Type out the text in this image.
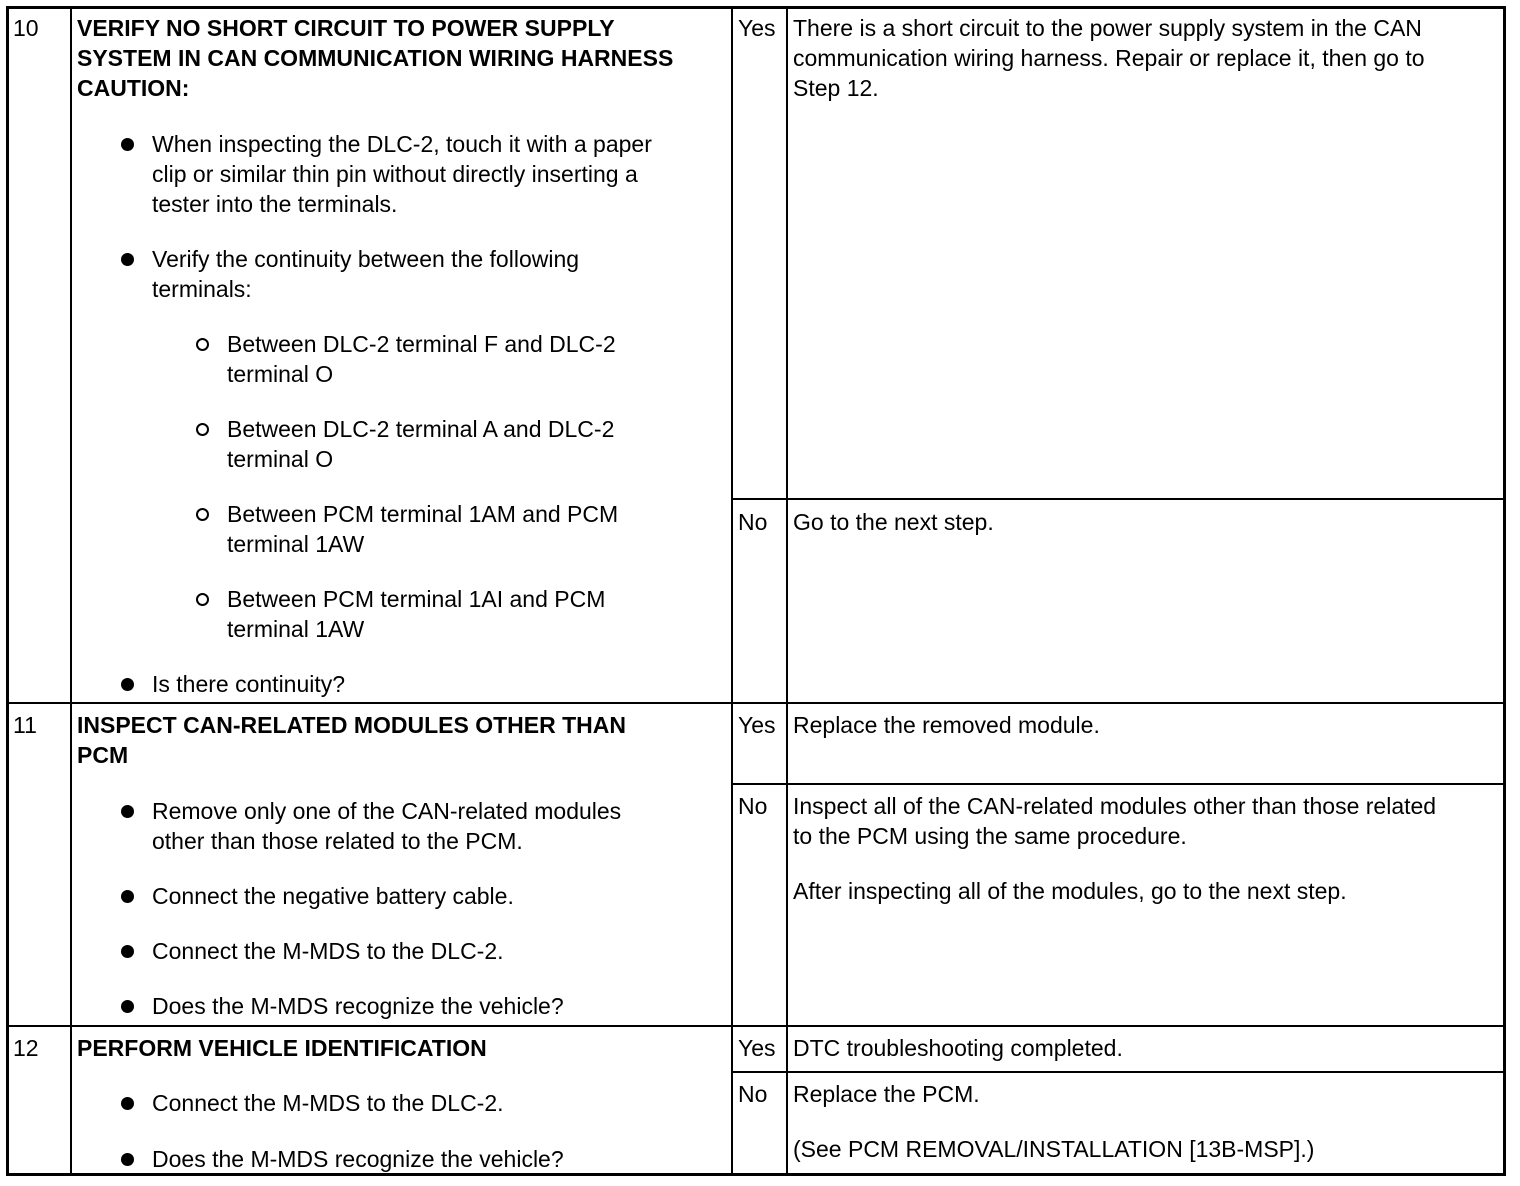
10 VERIFY NO SHORT CIRCUIT TO POWER SUPPLY
SYSTEM IN CAN COMMUNICATION WIRING HARNESS
CAUTION:
When inspecting the DLC-2, touch it with a paper
clip or similar thin pin without directly inserting a
tester into the terminals.
Verify the continuity between the following
terminals:
Between DLC-2 terminal F and DLC-2
terminal O
Between DLC-2 terminal A and DLC-2
terminal O
Between PCM terminal 1AM and PCM
terminal 1AW
Between PCM terminal 1AI and PCM
terminal 1AW
Is there continuity?
Yes There is a short circuit to the power supply system in the CAN
communication wiring harness. Repair or replace it, then go to
Step 12.
No Go to the next step.
11 INSPECT CAN-RELATED MODULES OTHER THAN
PCM
Remove only one of the CAN-related modules
other than those related to the PCM.
Connect the negative battery cable.
Connect the M-MDS to the DLC-2.
Does the M-MDS recognize the vehicle?
Yes Replace the removed module.
No Inspect all of the CAN-related modules other than those related
to the PCM using the same procedure.
After inspecting all of the modules, go to the next step.
12 PERFORM VEHICLE IDENTIFICATION
Connect the M-MDS to the DLC-2.
Does the M-MDS recognize the vehicle?
Yes DTC troubleshooting completed.
No Replace the PCM.
(See PCM REMOVAL/INSTALLATION [13B-MSP].)
